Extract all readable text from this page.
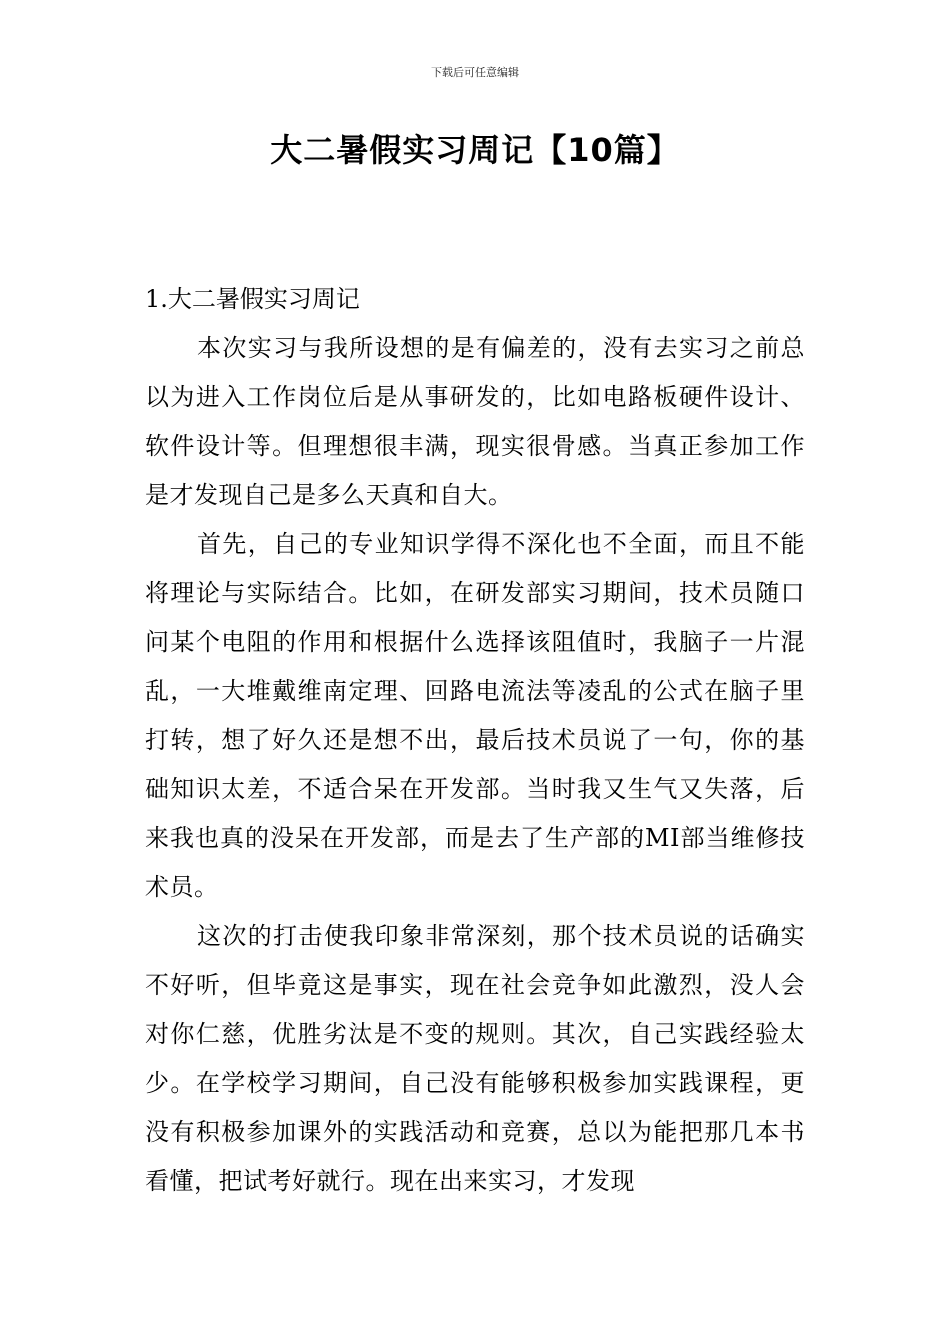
下载后可任意编辑
大二暑假实习周记【10篇】

1.大二暑假实习周记

本次实习与我所设想的是有偏差的，没有去实习之前总以为进入工作岗位后是从事研发的，比如电路板硬件设计、软件设计等。但理想很丰满，现实很骨感。当真正参加工作是才发现自己是多么天真和自大。

首先，自己的专业知识学得不深化也不全面，而且不能将理论与实际结合。比如，在研发部实习期间，技术员随口问某个电阻的作用和根据什么选择该阻值时，我脑子一片混乱，一大堆戴维南定理、回路电流法等凌乱的公式在脑子里打转，想了好久还是想不出，最后技术员说了一句，你的基础知识太差，不适合呆在开发部。当时我又生气又失落，后来我也真的没呆在开发部，而是去了生产部的MI部当维修技术员。

这次的打击使我印象非常深刻，那个技术员说的话确实不好听，但毕竟这是事实，现在社会竞争如此激烈，没人会对你仁慈，优胜劣汰是不变的规则。其次，自己实践经验太少。在学校学习期间，自己没有能够积极参加实践课程，更没有积极参加课外的实践活动和竞赛，总以为能把那几本书看懂，把试考好就行。现在出来实习，才发现
